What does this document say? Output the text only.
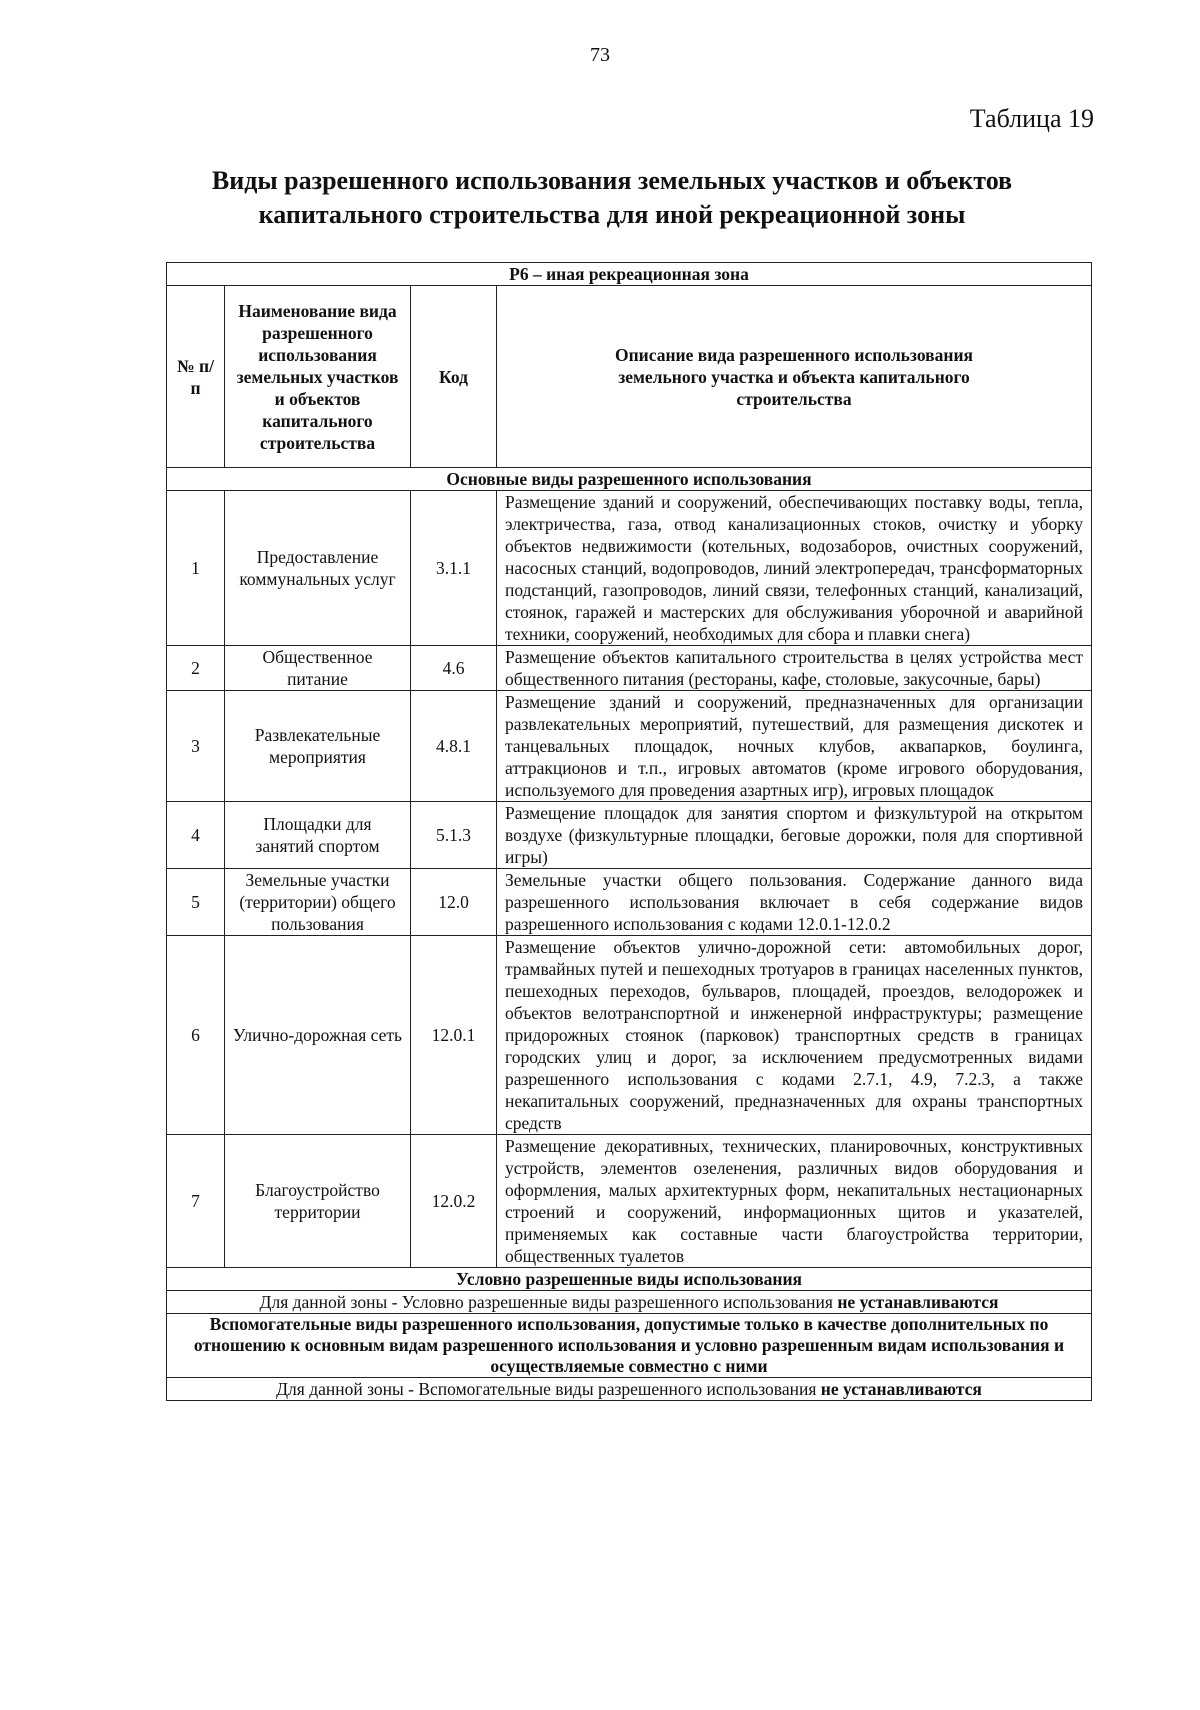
73
Таблица 19
Виды разрешенного использования земельных участков и объектов
капитального строительства для иной рекреационной зоны
Р6 – иная рекреационная зона			
№ п/п	Наименование вида разрешенного использования земельных участков и объектов капитального строительства	Код	Описание вида разрешенного использования земельного участка и объекта капитального строительства
Основные виды разрешенного использования			
1	Предоставление коммунальных услуг	3.1.1	Размещение зданий и сооружений, обеспечивающих поставку воды, тепла, электричества, газа, отвод канализационных стоков, очистку и уборку объектов недвижимости (котельных, водозаборов, очистных сооружений, насосных станций, водопроводов, линий электропередач, трансформаторных подстанций, газопроводов, линий связи, телефонных станций, канализаций, стоянок, гаражей и мастерских для обслуживания уборочной и аварийной техники, сооружений, необходимых для сбора и плавки снега)
2	Общественное питание	4.6	Размещение объектов капитального строительства в целях устройства мест общественного питания (рестораны, кафе, столовые, закусочные, бары)
3	Развлекательные мероприятия	4.8.1	Размещение зданий и сооружений, предназначенных для организации развлекательных мероприятий, путешествий, для размещения дискотек и танцевальных площадок, ночных клубов, аквапарков, боулинга, аттракционов и т.п., игровых автоматов (кроме игрового оборудования, используемого для проведения азартных игр), игровых площадок
4	Площадки для занятий спортом	5.1.3	Размещение площадок для занятия спортом и физкультурой на открытом воздухе (физкультурные площадки, беговые дорожки, поля для спортивной игры)
5	Земельные участки (территории) общего пользования	12.0	Земельные участки общего пользования. Содержание данного вида разрешенного использования включает в себя содержание видов разрешенного использования с кодами 12.0.1-12.0.2
6	Улично-дорожная сеть	12.0.1	Размещение объектов улично-дорожной сети: автомобильных дорог, трамвайных путей и пешеходных тротуаров в границах населенных пунктов, пешеходных переходов, бульваров, площадей, проездов, велодорожек и объектов велотранспортной и инженерной инфраструктуры; размещение придорожных стоянок (парковок) транспортных средств в границах городских улиц и дорог, за исключением предусмотренных видами разрешенного использования с кодами 2.7.1, 4.9, 7.2.3, а также некапитальных сооружений, предназначенных для охраны транспортных средств
7	Благоустройство территории	12.0.2	Размещение декоративных, технических, планировочных, конструктивных устройств, элементов озеленения, различных видов оборудования и оформления, малых архитектурных форм, некапитальных нестационарных строений и сооружений, информационных щитов и указателей, применяемых как составные части благоустройства территории, общественных туалетов
Условно разрешенные виды использования			
Для данной зоны - Условно разрешенные виды разрешенного использования не устанавливаются			
Вспомогательные виды разрешенного использования, допустимые только в качестве дополнительных по отношению к основным видам разрешенного использования и условно разрешенным видам использования и осуществляемые совместно с ними			
Для данной зоны - Вспомогательные виды разрешенного использования не устанавливаются			
